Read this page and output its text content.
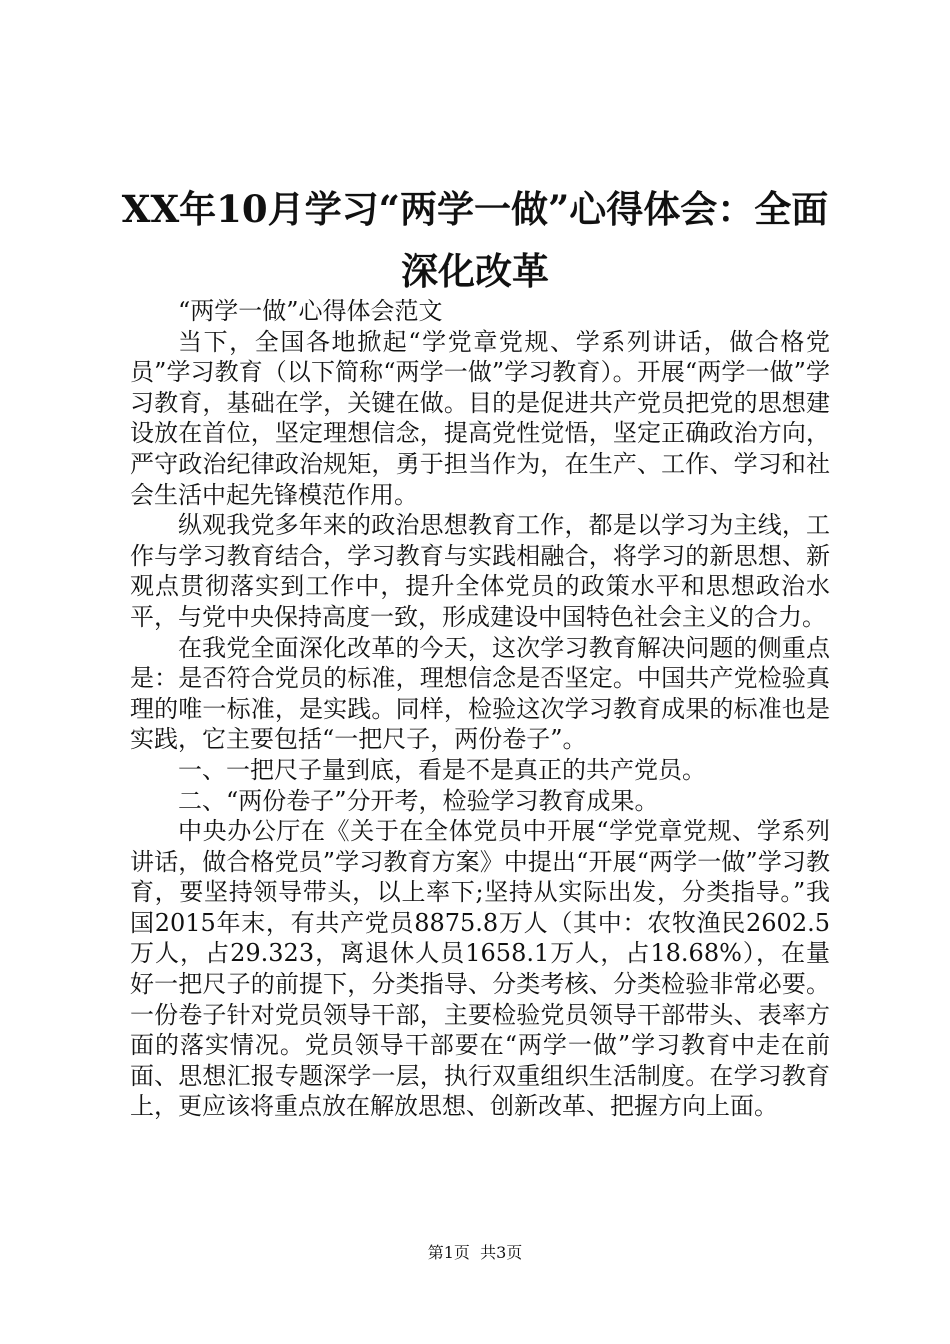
XX年10月学习“两学一做”心得体会：全面深化改革

“两学一做”心得体会范文

当下，全国各地掀起“学党章党规、学系列讲话，做合格党员”学习教育（以下简称“两学一做”学习教育）。开展“两学一做”学习教育，基础在学，关键在做。目的是促进共产党员把党的思想建设放在首位，坚定理想信念，提高党性觉悟，坚定正确政治方向，严守政治纪律政治规矩，勇于担当作为，在生产、工作、学习和社会生活中起先锋模范作用。

纵观我党多年来的政治思想教育工作，都是以学习为主线，工作与学习教育结合，学习教育与实践相融合，将学习的新思想、新观点贯彻落实到工作中，提升全体党员的政策水平和思想政治水平，与党中央保持高度一致，形成建设中国特色社会主义的合力。

在我党全面深化改革的今天，这次学习教育解决问题的侧重点是：是否符合党员的标准，理想信念是否坚定。中国共产党检验真理的唯一标准，是实践。同样，检验这次学习教育成果的标准也是实践，它主要包括“一把尺子，两份卷子”。

一、一把尺子量到底，看是不是真正的共产党员。

二、“两份卷子”分开考，检验学习教育成果。

中央办公厅在《关于在全体党员中开展“学党章党规、学系列讲话，做合格党员”学习教育方案》中提出“开展“两学一做”学习教育，要坚持领导带头，以上率下;坚持从实际出发，分类指导。”我国2015年末，有共产党员8875.8万人（其中：农牧渔民2602.5万人，占29.323，离退休人员1658.1万人，占18.68%），在量好一把尺子的前提下，分类指导、分类考核、分类检验非常必要。一份卷子针对党员领导干部，主要检验党员领导干部带头、表率方面的落实情况。党员领导干部要在“两学一做”学习教育中走在前面、思想汇报专题深学一层，执行双重组织生活制度。在学习教育上，更应该将重点放在解放思想、创新改革、把握方向上面。

第1页 共3页
